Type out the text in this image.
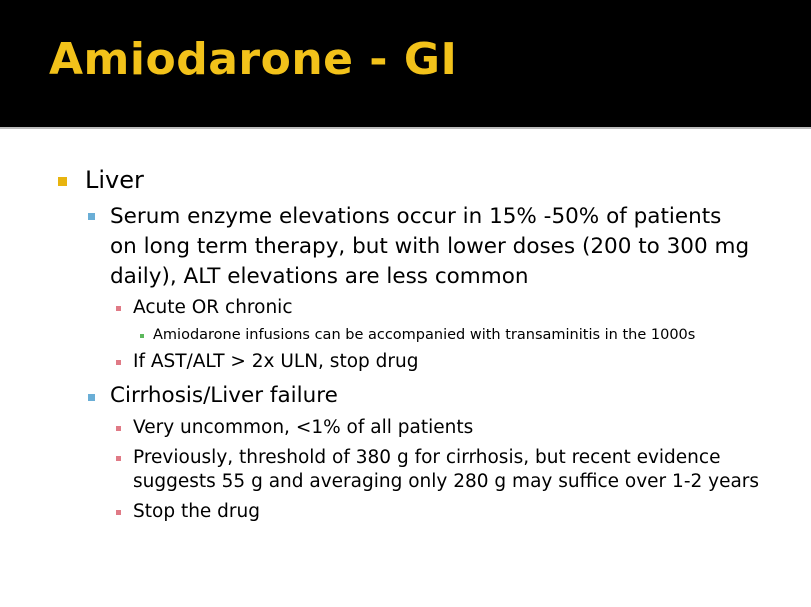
Amiodarone - GI
Liver
Serum enzyme elevations occur in 15% -50% of patients
on long term therapy, but with lower doses (200 to 300 mg
daily), ALT elevations are less common
Acute OR chronic
Amiodarone infusions can be accompanied with transaminitis in the 1000s
If AST/ALT > 2x ULN, stop drug
Cirrhosis/Liver failure
Very uncommon, <1% of all patients
Previously, threshold of 380 g for cirrhosis, but recent evidence
suggests 55 g and averaging only 280 g may suffice over 1-2 years
Stop the drug
